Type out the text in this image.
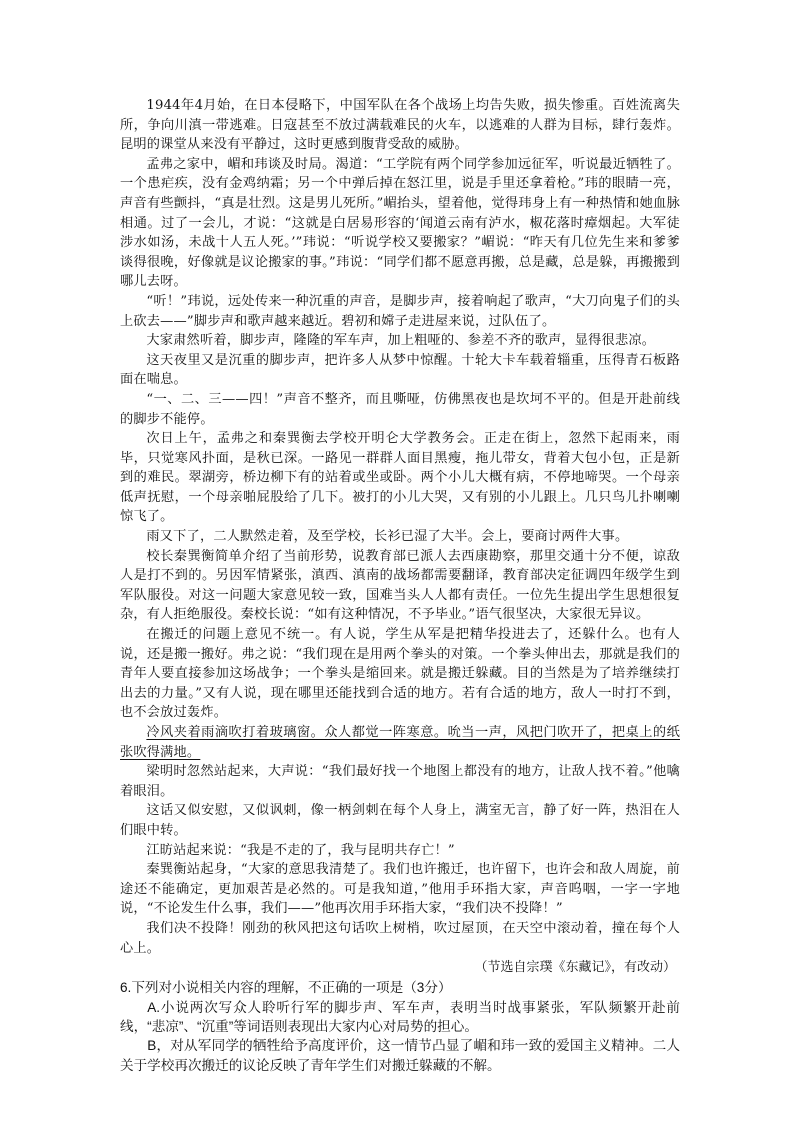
1944年4月始，在日本侵略下，中国军队在各个战场上均告失败，损失惨重。百姓流离失所，争向川滇一带逃难。日寇甚至不放过满载难民的火车，以逃难的人群为目标，肆行轰炸。昆明的课堂从来没有平静过，这时更感到腹背受敌的威胁。

孟弗之家中，嵋和玮谈及时局。渴道：“工学院有两个同学参加远征军，听说最近牺牲了。一个患疟疾，没有金鸡纳霜；另一个中弹后掉在怒江里，说是手里还拿着枪。”玮的眼睛一亮，声音有些颤抖，“真是壮烈。这是男儿死所。”嵋抬头，望着他，觉得玮身上有一种热情和她血脉相通。过了一会儿，才说：“这就是白居易形容的‘闻道云南有泸水，椒花落时瘴烟起。大军徒涉水如汤，未战十人五人死。’”玮说：“听说学校又要搬家？”嵋说：“昨天有几位先生来和爹爹谈得很晚，好像就是议论搬家的事。”玮说：“同学们都不愿意再搬，总是藏，总是躲，再搬搬到哪儿去呀。

“听！”玮说，远处传来一种沉重的声音，是脚步声，接着响起了歌声，“大刀向鬼子们的头上砍去——”脚步声和歌声越来越近。碧初和嫦子走进屋来说，过队伍了。

大家肃然听着，脚步声，隆隆的军车声，加上粗哑的、参差不齐的歌声，显得很悲凉。

这天夜里又是沉重的脚步声，把许多人从梦中惊醒。十轮大卡车载着辎重，压得青石板路面在喘息。

“一、二、三——四！”声音不整齐，而且嘶哑，仿佛黑夜也是坎坷不平的。但是开赴前线的脚步不能停。

次日上午，孟弗之和秦巽衡去学校开明仑大学教务会。正走在街上，忽然下起雨来，雨毕，只觉寒风扑面，是秋已深。一路见一群群人面目黑瘦，拖儿带女，背着大包小包，正是新到的难民。翠湖旁，桥边柳下有的站着或坐或卧。两个小儿大概有病，不停地啼哭。一个母亲低声抚慰，一个母亲啪屁股给了几下。被打的小儿大哭，又有别的小儿跟上。几只鸟儿扑喇喇惊飞了。

雨又下了，二人默然走着，及至学校，长衫已湿了大半。会上，要商讨两件大事。

校长秦巽衡简单介绍了当前形势，说教育部已派人去西康勘察，那里交通十分不便，谅敌人是打不到的。另因军情紧张，滇西、滇南的战场都需要翻译，教育部决定征调四年级学生到军队服役。对这一问题大家意见较一致，国难当头人人都有责任。一位先生提出学生思想很复杂，有人拒绝服役。秦校长说：“如有这种情况，不予毕业。”语气很坚决，大家很无异议。

在搬迁的问题上意见不统一。有人说，学生从军是把精华投进去了，还躲什么。也有人说，还是搬一搬好。弗之说：“我们现在是用两个拳头的对策。一个拳头伸出去，那就是我们的青年人要直接参加这场战争；一个拳头是缩回来。就是搬迁躲藏。目的当然是为了培养继续打出去的力量。”又有人说，现在哪里还能找到合适的地方。若有合适的地方，敌人一时打不到，也不会放过轰炸。

冷风夹着雨滴吹打着玻璃窗。众人都觉一阵寒意。吮当一声，风把门吹开了，把桌上的纸张吹得满地。

梁明时忽然站起来，大声说：“我们最好找一个地图上都没有的地方，让敌人找不着。”他噙着眼泪。

这话又似安慰，又似讽刺，像一柄剑刺在每个人身上，满室无言，静了好一阵，热泪在人们眼中转。

江昉站起来说：“我是不走的了，我与昆明共存亡！”

秦巽衡站起身，“大家的意思我清楚了。我们也许搬迁，也许留下，也许会和敌人周旋，前途还不能确定，更加艰苦是必然的。可是我知道，”他用手环指大家，声音呜咽，一字一字地说，“不论发生什么事，我们——”他再次用手环指大家，“我们决不投降！”

我们决不投降！刚劲的秋风把这句话吹上树梢，吹过屋顶，在天空中滚动着，撞在每个人心上。

（节选自宗璞《东藏记》，有改动）

6.下列对小说相关内容的理解，不正确的一项是（3分）

A.小说两次写众人聆听行军的脚步声、军车声，表明当时战事紧张，军队频繁开赴前线，“悲凉”、“沉重”等词语则表现出大家内心对局势的担心。

B，对从军同学的牺牲给予高度评价，这一情节凸显了嵋和玮一致的爱国主义精神。二人关于学校再次搬迁的议论反映了青年学生们对搬迁躲藏的不解。
